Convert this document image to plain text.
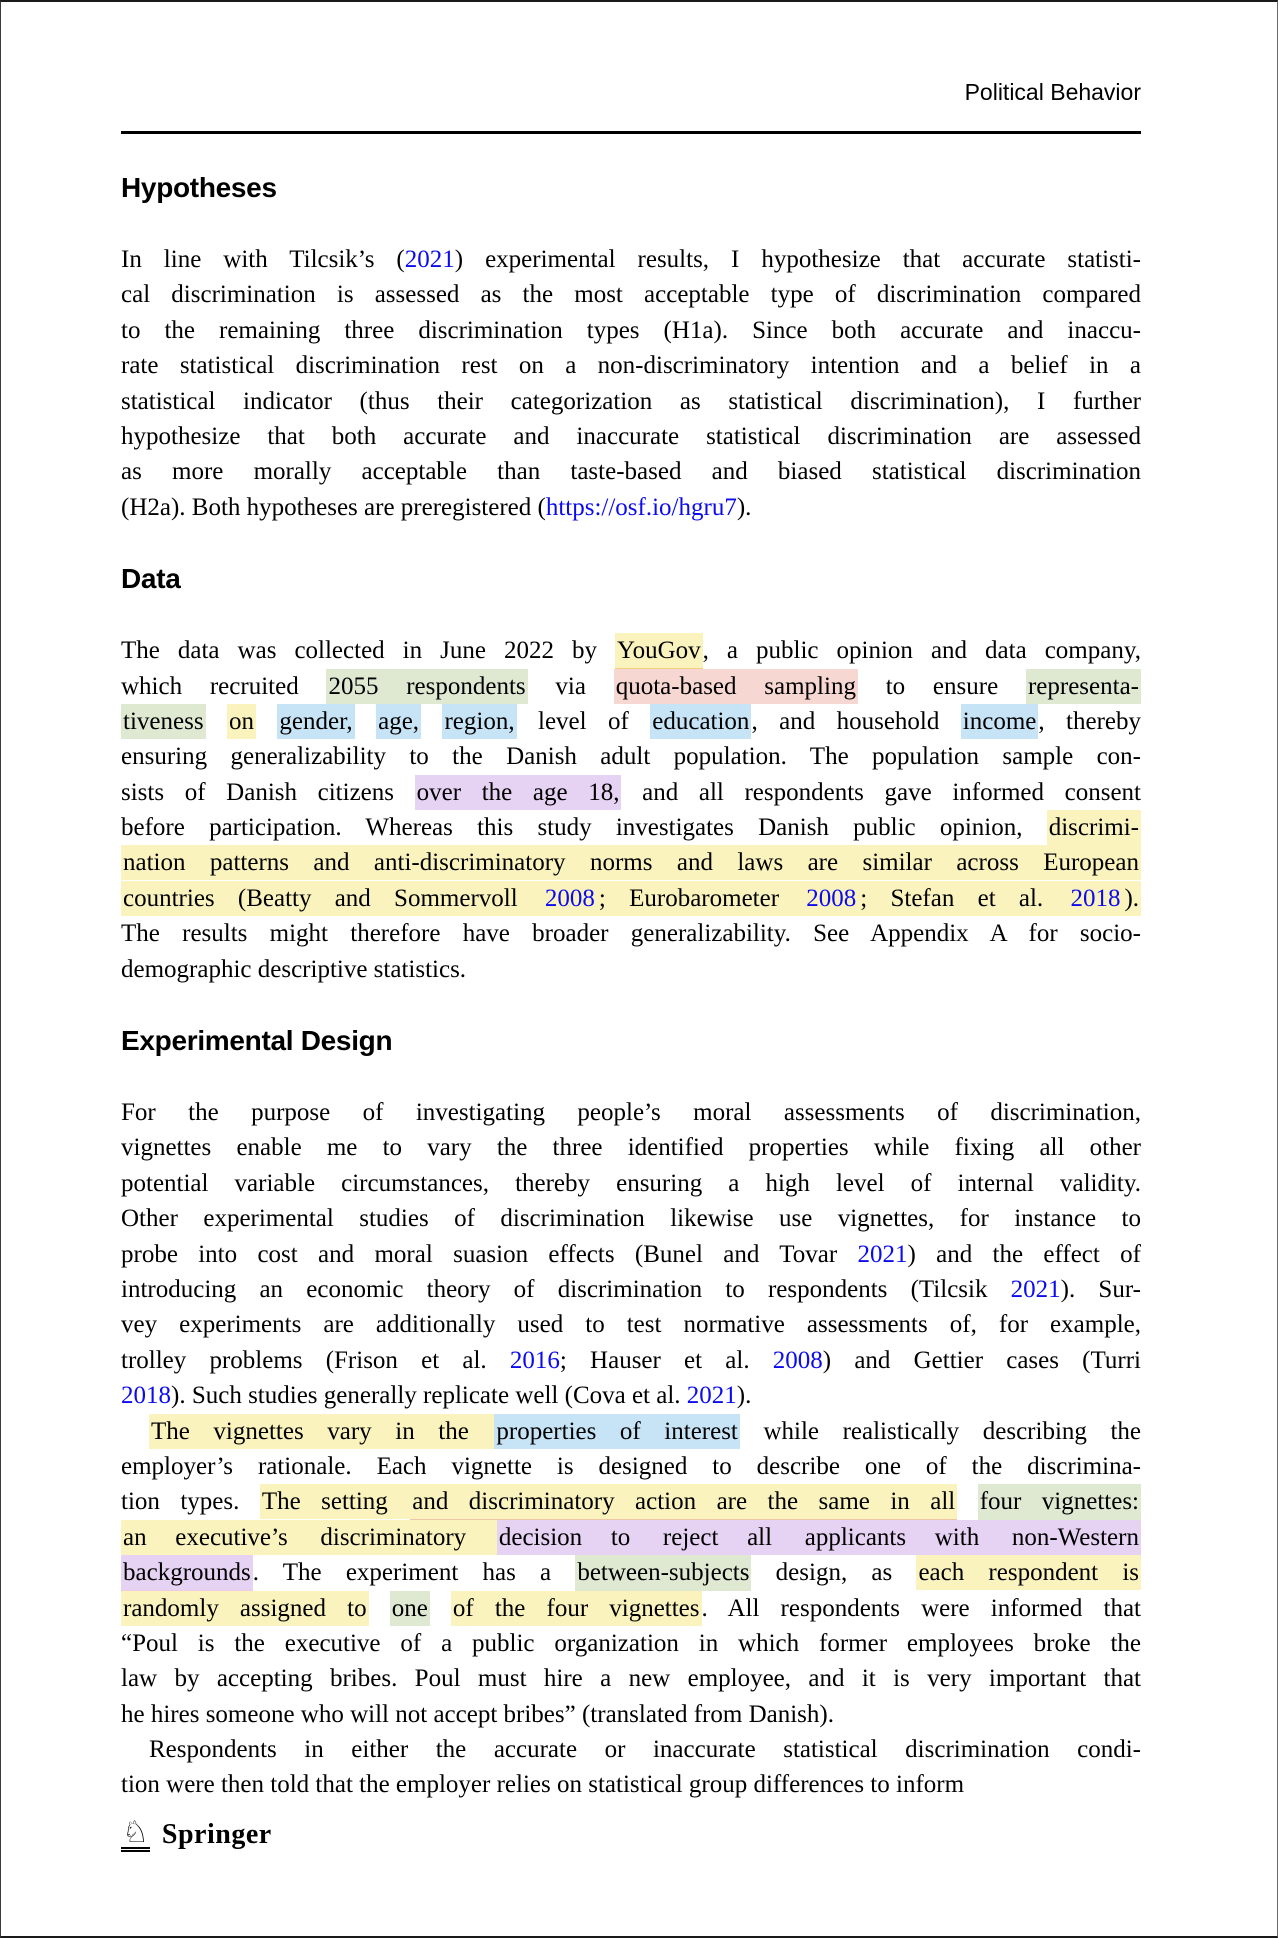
Political Behavior
Hypotheses
In line with Tilcsik’s (2021) experimental results, I hypothesize that accurate statisti-
cal discrimination is assessed as the most acceptable type of discrimination compared
to the remaining three discrimination types (H1a). Since both accurate and inaccu-
rate statistical discrimination rest on a non-discriminatory intention and a belief in a
statistical indicator (thus their categorization as statistical discrimination), I further
hypothesize that both accurate and inaccurate statistical discrimination are assessed
as more morally acceptable than taste-based and biased statistical discrimination
(H2a). Both hypotheses are preregistered (https://osf.io/hgru7).
Data
The data was collected in June 2022 by YouGov, a public opinion and data company,
which recruited 2055 respondents via quota-based sampling to ensure representa-
tiveness on gender, age, region, level of education, and household income, thereby
ensuring generalizability to the Danish adult population. The population sample con-
sists of Danish citizens over the age 18, and all respondents gave informed consent
before participation. Whereas this study investigates Danish public opinion, discrimi-
nation patterns and anti-discriminatory norms and laws are similar across European
countries (Beatty and Sommervoll 2008 ; Eurobarometer 2008 ; Stefan et al. 2018 ).
The results might therefore have broader generalizability. See Appendix A for socio-
demographic descriptive statistics.
Experimental Design
For the purpose of investigating people’s moral assessments of discrimination,
vignettes enable me to vary the three identified properties while fixing all other
potential variable circumstances, thereby ensuring a high level of internal validity.
Other experimental studies of discrimination likewise use vignettes, for instance to
probe into cost and moral suasion effects (Bunel and Tovar 2021) and the effect of
introducing an economic theory of discrimination to respondents (Tilcsik 2021). Sur-
vey experiments are additionally used to test normative assessments of, for example,
trolley problems (Frison et al. 2016; Hauser et al. 2008) and Gettier cases (Turri
2018). Such studies generally replicate well (Cova et al. 2021).
The vignettes vary in the properties of interest while realistically describing the
employer’s rationale. Each vignette is designed to describe one of the discrimina-
tion types. The setting and discriminatory action are the same in all four vignettes:
an executive’s discriminatory decision to reject all applicants with non-Western
backgrounds. The experiment has a between-subjects design, as each respondent is
randomly assigned to one of the four vignettes. All respondents were informed that
“Poul is the executive of a public organization in which former employees broke the
law by accepting bribes. Poul must hire a new employee, and it is very important that
he hires someone who will not accept bribes” (translated from Danish).
Respondents in either the accurate or inaccurate statistical discrimination condi-
tion were then told that the employer relies on statistical group differences to inform
♘ Springer
